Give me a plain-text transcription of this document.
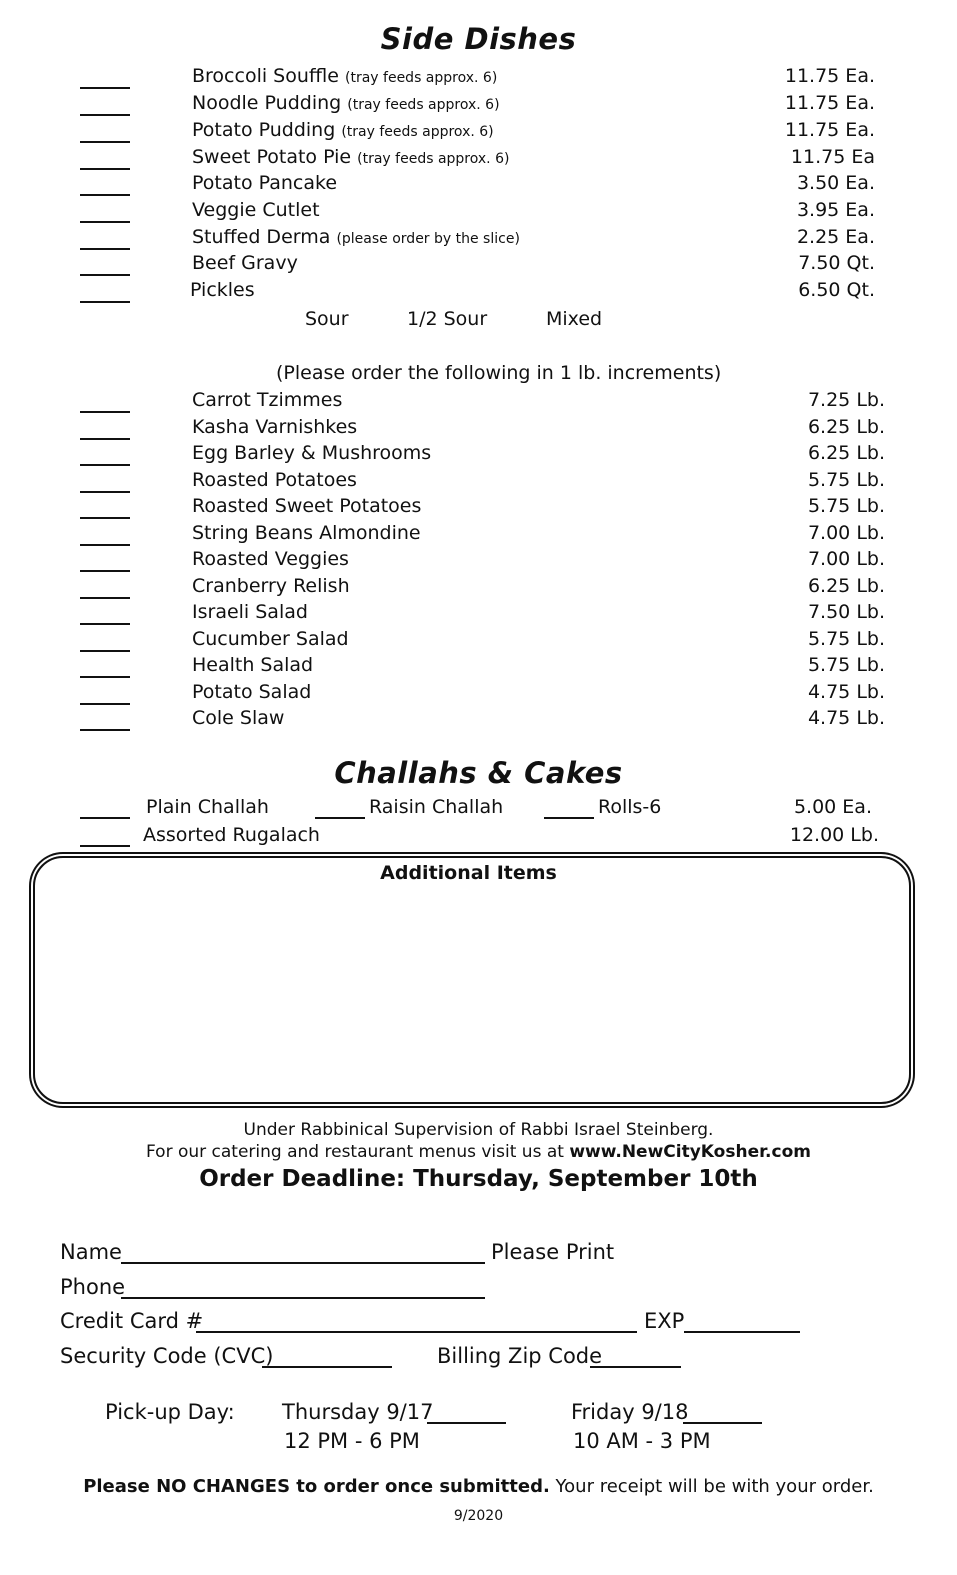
Side Dishes
Broccoli Souffle (tray feeds approx. 6)	11.75 Ea.
Noodle Pudding (tray feeds approx. 6)	11.75 Ea.
Potato Pudding (tray feeds approx. 6)	11.75 Ea.
Sweet Potato Pie (tray feeds approx. 6)	11.75 Ea
Potato Pancake	3.50 Ea.
Veggie Cutlet	3.95 Ea.
Stuffed Derma (please order by the slice)	2.25 Ea.
Beef Gravy	7.50 Qt.
Pickles	6.50 Qt.
Sour	1/2 Sour	Mixed
(Please order the following in 1 lb. increments)
Carrot Tzimmes	7.25 Lb.
Kasha Varnishkes	6.25 Lb.
Egg Barley & Mushrooms	6.25 Lb.
Roasted Potatoes	5.75 Lb.
Roasted Sweet Potatoes	5.75 Lb.
String Beans Almondine	7.00 Lb.
Roasted Veggies	7.00 Lb.
Cranberry Relish	6.25 Lb.
Israeli Salad	7.50 Lb.
Cucumber Salad	5.75 Lb.
Health Salad	5.75 Lb.
Potato Salad	4.75 Lb.
Cole Slaw	4.75 Lb.
Challahs & Cakes
Plain Challah	Raisin Challah	Rolls-6	5.00 Ea.
Assorted Rugalach	12.00 Lb.
Additional Items
Under Rabbinical Supervision of Rabbi Israel Steinberg.
For our catering and restaurant menus visit us at www.NewCityKosher.com
Order Deadline: Thursday, September 10th
Name	Please Print
Phone
Credit Card #	EXP
Security Code (CVC)	Billing Zip Code
Pick-up Day: Thursday 9/17
12 PM - 6 PM
Friday 9/18
10 AM - 3 PM
Please NO CHANGES to order once submitted. Your receipt will be with your order.
9/2020
